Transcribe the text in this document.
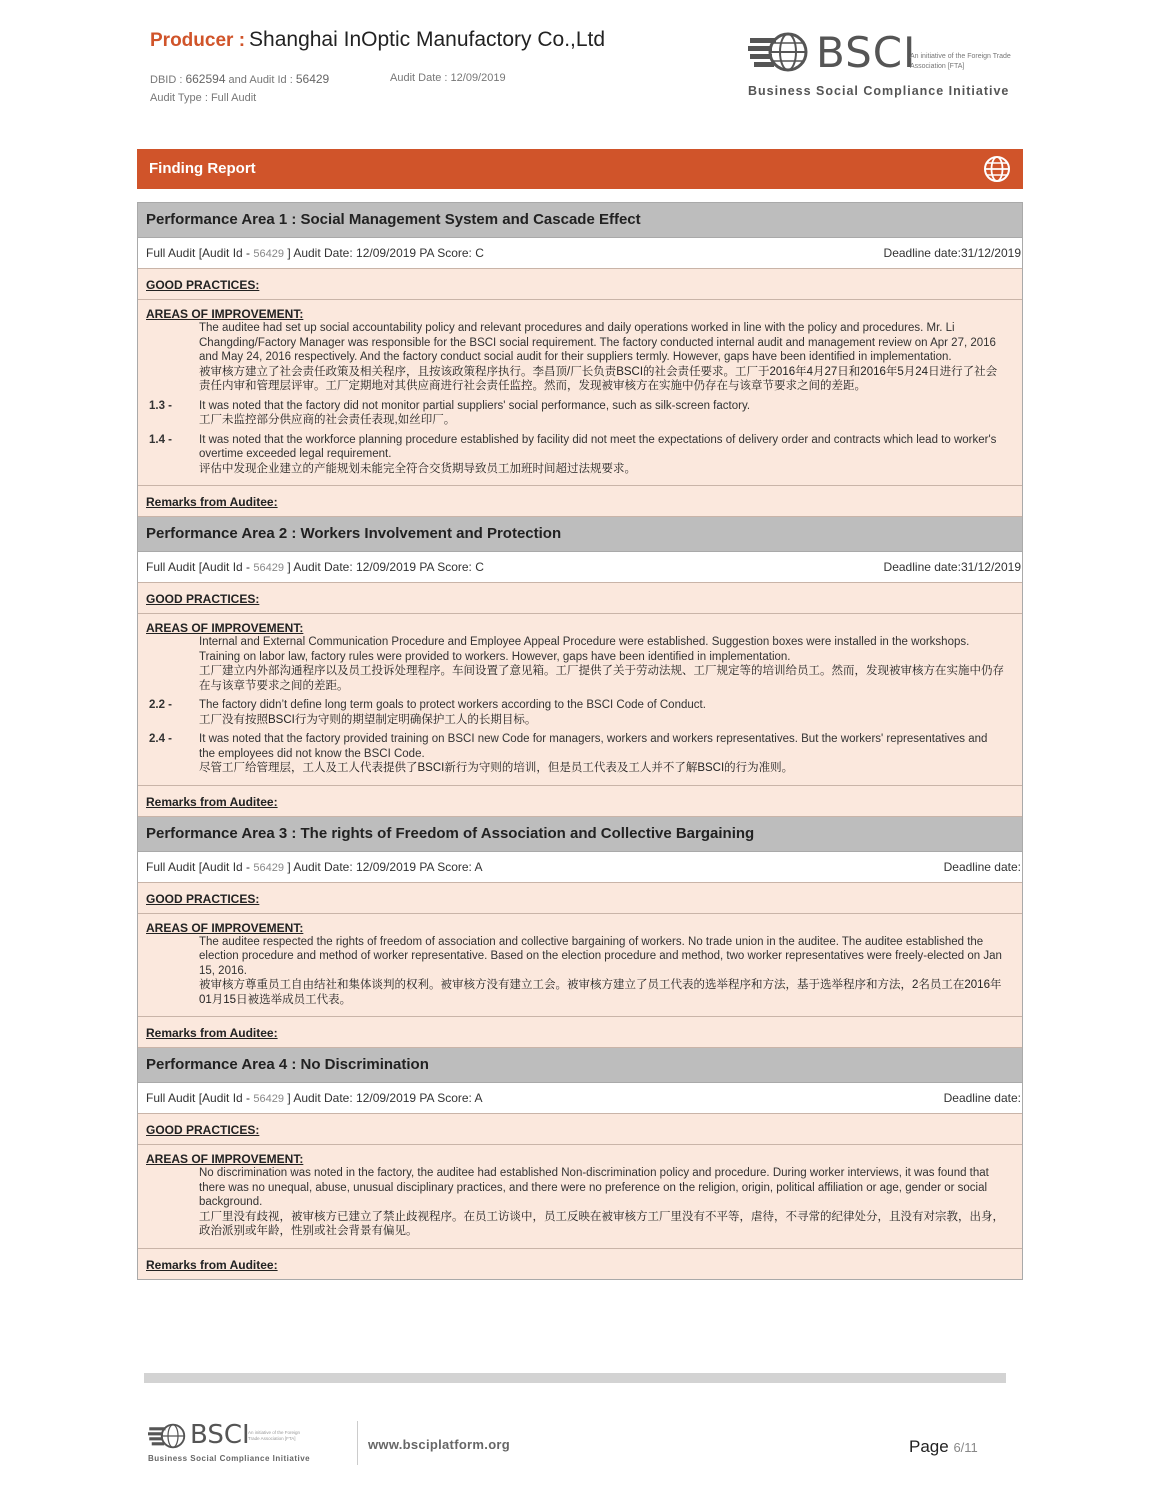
Producer : Shanghai InOptic Manufactory Co.,Ltd
DBID : 662594 and Audit Id : 56429	Audit Date : 12/09/2019
Audit Type : Full Audit
BSCI
An initiative of the Foreign Trade Association [FTA]
Business Social Compliance Initiative
Finding Report
Performance Area 1 : Social Management System and Cascade Effect
Full Audit [Audit Id - 56429 ] Audit Date: 12/09/2019 PA Score: C	Deadline date:31/12/2019
GOOD PRACTICES:
AREAS OF IMPROVEMENT:
The auditee had set up social accountability policy and relevant procedures and daily operations worked in line with the policy and procedures. Mr. Li Changding/Factory Manager was responsible for the BSCI social requirement. The factory conducted internal audit and management review on Apr 27, 2016 and May 24, 2016 respectively. And the factory conduct social audit for their suppliers termly. However, gaps have been identified in implementation.
被审核方建立了社会责任政策及相关程序，且按该政策程序执行。李昌顶/厂长负责BSCI的社会责任要求。工厂于2016年4月27日和2016年5月24日进行了社会责任内审和管理层评审。工厂定期地对其供应商进行社会责任监控。然而，发现被审核方在实施中仍存在与该章节要求之间的差距。
1.3 -	It was noted that the factory did not monitor partial suppliers' social performance, such as silk-screen factory.
工厂未监控部分供应商的社会责任表现,如丝印厂。
1.4 -	It was noted that the workforce planning procedure established by facility did not meet the expectations of delivery order and contracts which lead to worker's overtime exceeded legal requirement.
评估中发现企业建立的产能规划未能完全符合交货期导致员工加班时间超过法规要求。
Remarks from Auditee:
Performance Area 2 : Workers Involvement and Protection
Full Audit [Audit Id - 56429 ] Audit Date: 12/09/2019 PA Score: C	Deadline date:31/12/2019
GOOD PRACTICES:
AREAS OF IMPROVEMENT:
Internal and External Communication Procedure and Employee Appeal Procedure were established. Suggestion boxes were installed in the workshops. Training on labor law, factory rules were provided to workers. However, gaps have been identified in implementation.
工厂建立内外部沟通程序以及员工投诉处理程序。车间设置了意见箱。工厂提供了关于劳动法规、工厂规定等的培训给员工。然而，发现被审核方在实施中仍存在与该章节要求之间的差距。
2.2 -	The factory didn’t define long term goals to protect workers according to the BSCI Code of Conduct.
工厂没有按照BSCI行为守则的期望制定明确保护工人的长期目标。
2.4 -	It was noted that the factory provided training on BSCI new Code for managers, workers and workers representatives. But the workers' representatives and the employees did not know the BSCI Code.
尽管工厂给管理层，工人及工人代表提供了BSCI新行为守则的培训，但是员工代表及工人并不了解BSCI的行为准则。
Remarks from Auditee:
Performance Area 3 : The rights of Freedom of Association and Collective Bargaining
Full Audit [Audit Id - 56429 ] Audit Date: 12/09/2019 PA Score: A	Deadline date:
GOOD PRACTICES:
AREAS OF IMPROVEMENT:
The auditee respected the rights of freedom of association and collective bargaining of workers. No trade union in the auditee. The auditee established the election procedure and method of worker representative. Based on the election procedure and method, two worker representatives were freely-elected on Jan 15, 2016.
被审核方尊重员工自由结社和集体谈判的权利。被审核方没有建立工会。被审核方建立了员工代表的选举程序和方法，基于选举程序和方法，2名员工在2016年01月15日被选举成员工代表。
Remarks from Auditee:
Performance Area 4 : No Discrimination
Full Audit [Audit Id - 56429 ] Audit Date: 12/09/2019 PA Score: A	Deadline date:
GOOD PRACTICES:
AREAS OF IMPROVEMENT:
No discrimination was noted in the factory, the auditee had established Non-discrimination policy and procedure. During worker interviews, it was found that there was no unequal, abuse, unusual disciplinary practices, and there were no preference on the religion, origin, political affiliation or age, gender or social background.
工厂里没有歧视，被审核方已建立了禁止歧视程序。在员工访谈中，员工反映在被审核方工厂里没有不平等，虐待，不寻常的纪律处分，且没有对宗教，出身，政治派别或年龄，性别或社会背景有偏见。
Remarks from Auditee:
BSCI
An initiative of the Foreign Trade Association [FTA]
Business Social Compliance Initiative
www.bsciplatform.org	Page 6/11
